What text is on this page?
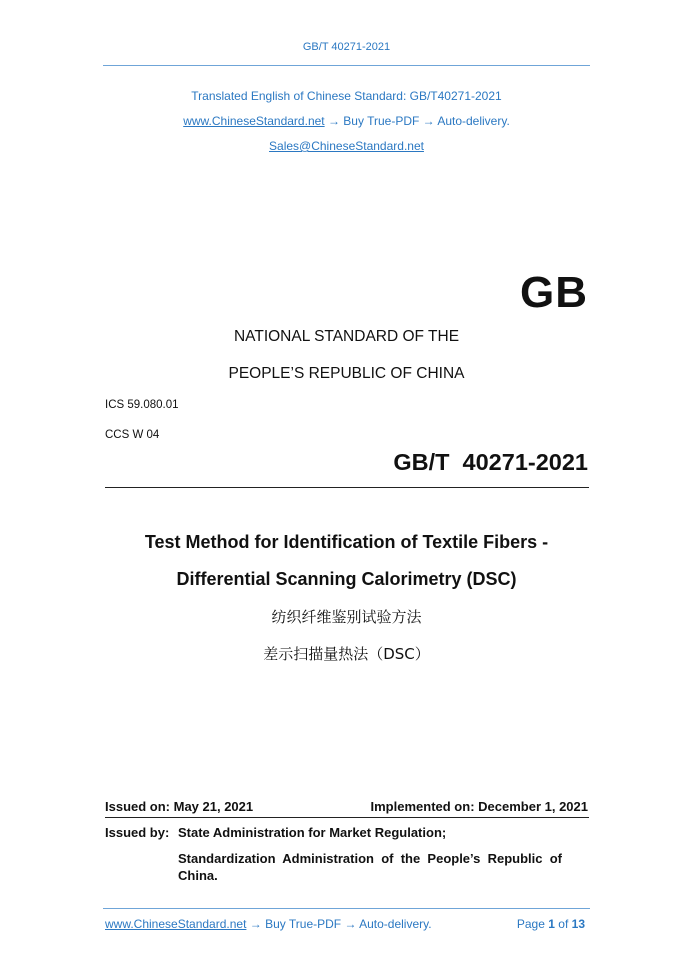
GB/T 40271-2021
Translated English of Chinese Standard: GB/T40271-2021
www.ChineseStandard.net → Buy True-PDF → Auto-delivery.
Sales@ChineseStandard.net
GB
NATIONAL STANDARD OF THE
PEOPLE’S REPUBLIC OF CHINA
ICS 59.080.01
CCS W 04
GB/T  40271-2021
Test Method for Identification of Textile Fibers -
Differential Scanning Calorimetry (DSC)
纺织纤维鉴别试验方法
差示扫描量热法（DSC）
Issued on: May 21, 2021	Implemented on: December 1, 2021
Issued by: State Administration for Market Regulation;
Standardization  Administration  of  the  People’s  Republic  of
China.
www.ChineseStandard.net → Buy True-PDF → Auto-delivery.	Page 1 of 13
